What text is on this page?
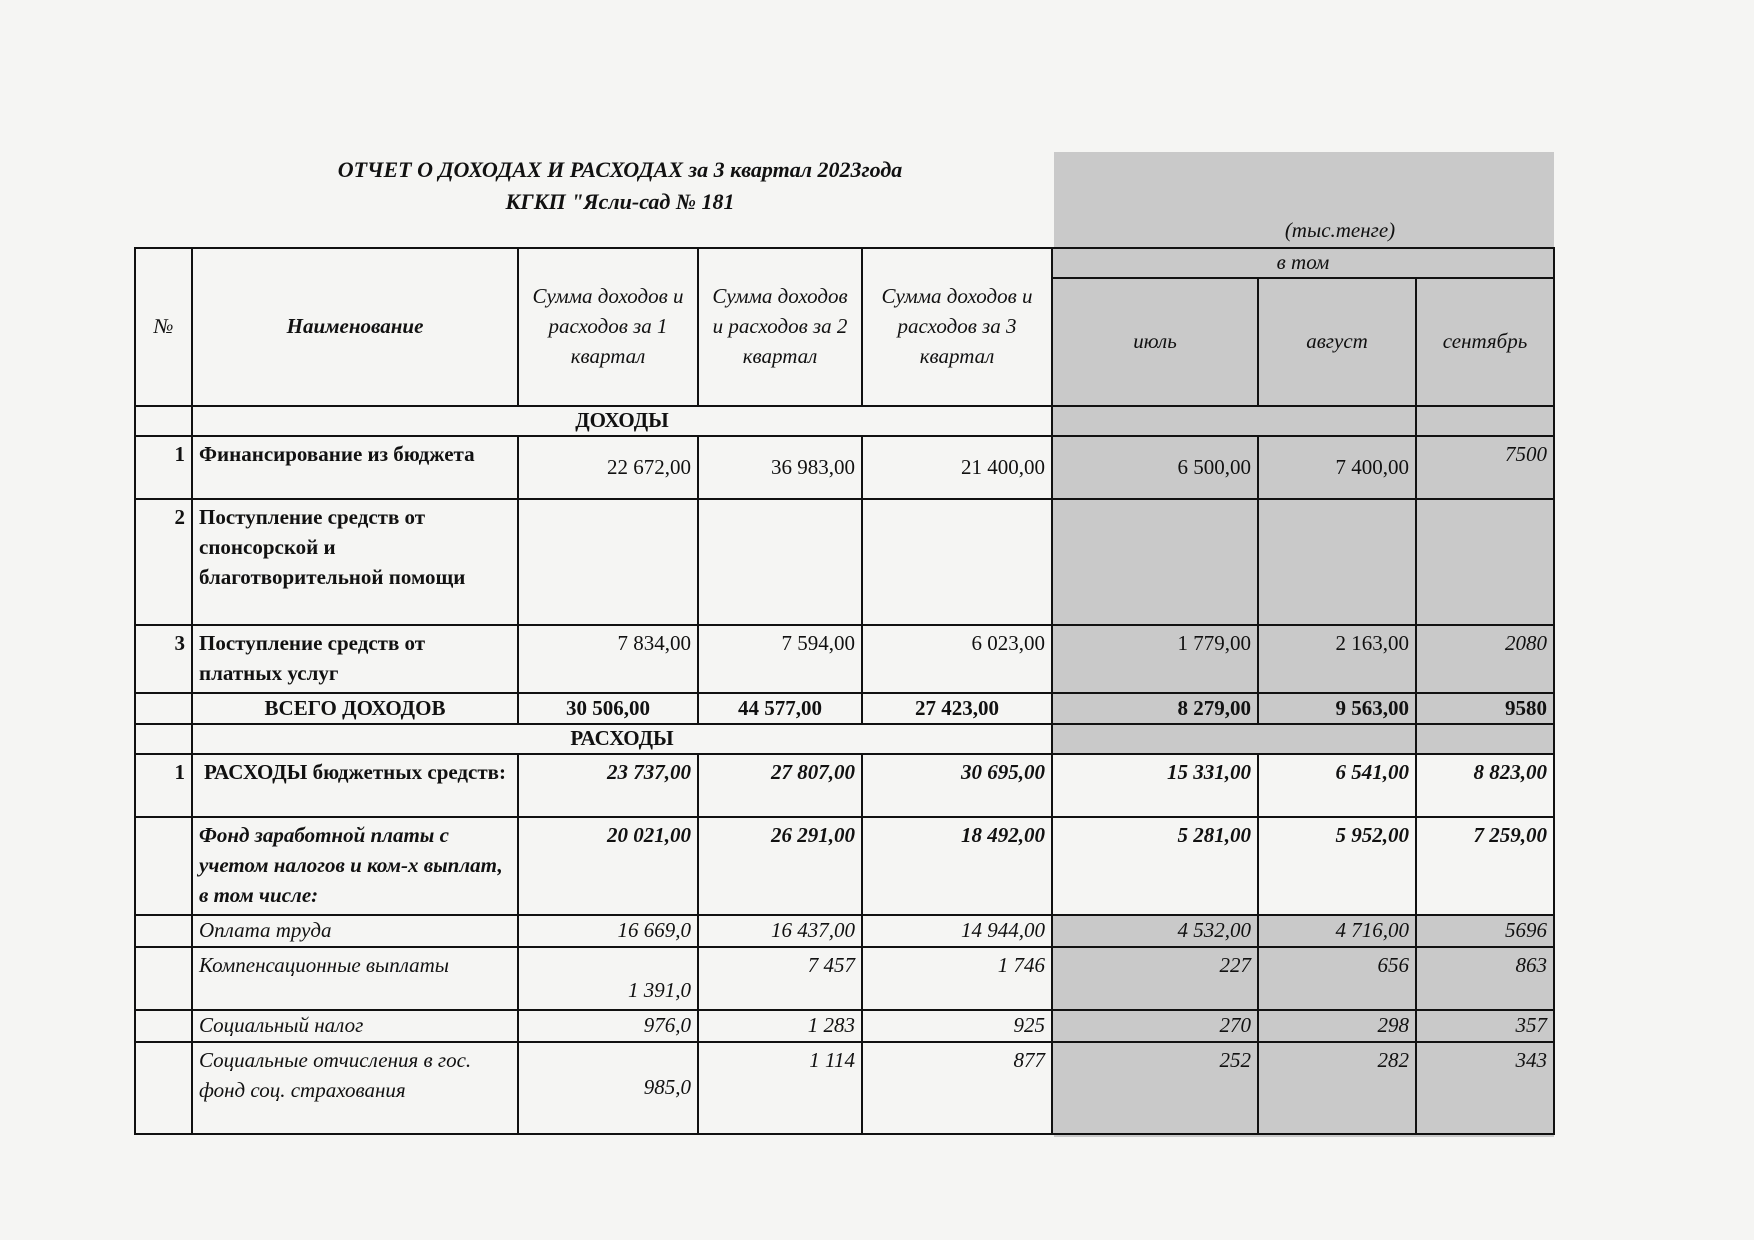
ОТЧЕТ О ДОХОДАХ И РАСХОДАХ за 3 квартал 2023года
КГКП "Ясли-сад № 181
(тыс.тенге)
№	Наименование	Сумма доходов и расходов за 1 квартал	Сумма доходов и расходов за 2 квартал	Сумма доходов и расходов за 3 квартал	в том		
					июль	август	сентябрь
	ДОХОДЫ						
1	Финансирование из бюджета	22 672,00	36 983,00	21 400,00	6 500,00	7 400,00	7500
2	Поступление средств от спонсорской и благотворительной помощи						
3	Поступление средств от платных услуг	7 834,00	7 594,00	6 023,00	1 779,00	2 163,00	2080
	ВСЕГО ДОХОДОВ	30 506,00	44 577,00	27 423,00	8 279,00	9 563,00	9580
	РАСХОДЫ						
1	РАСХОДЫ бюджетных средств:	23 737,00	27 807,00	30 695,00	15 331,00	6 541,00	8 823,00
	Фонд заработной платы с учетом налогов и ком-х выплат, в том числе:	20 021,00	26 291,00	18 492,00	5 281,00	5 952,00	7 259,00
	Оплата труда	16 669,0	16 437,00	14 944,00	4 532,00	4 716,00	5696
	Компенсационные выплаты	1 391,0	7 457	1 746	227	656	863
	Социальный налог	976,0	1 283	925	270	298	357
	Социальные отчисления в гос. фонд соц. страхования	985,0	1 114	877	252	282	343
